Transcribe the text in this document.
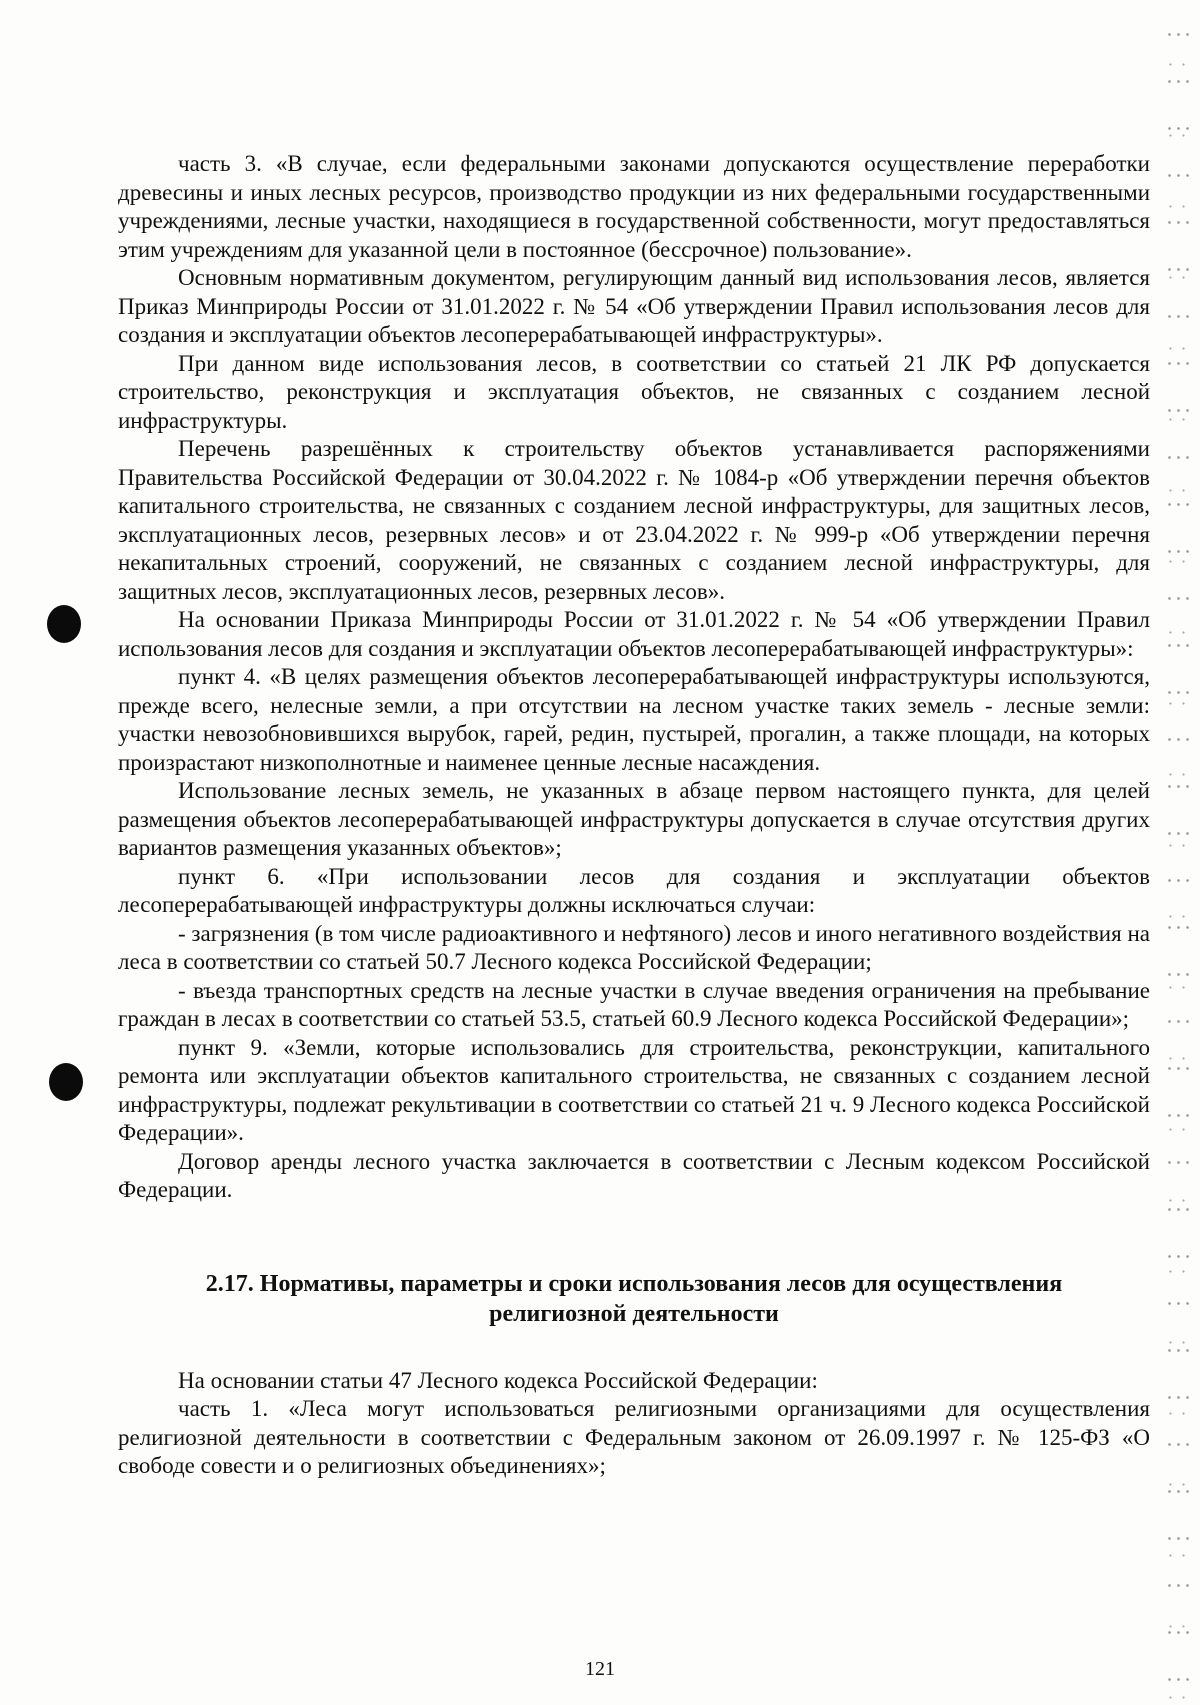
часть 3. «В случае, если федеральными законами допускаются осуществление переработки древесины и иных лесных ресурсов, производство продукции из них федеральными государственными учреждениями, лесные участки, находящиеся в государственной собственности, могут предоставляться этим учреждениям для указанной цели в постоянное (бессрочное) пользование».

Основным нормативным документом, регулирующим данный вид использования лесов, является Приказ Минприроды России от 31.01.2022 г. № 54 «Об утверждении Правил использования лесов для создания и эксплуатации объектов лесоперерабатывающей инфраструктуры».

При данном виде использования лесов, в соответствии со статьей 21 ЛК РФ допускается строительство, реконструкция и эксплуатация объектов, не связанных с созданием лесной инфраструктуры.

Перечень разрешённых к строительству объектов устанавливается распоряжениями Правительства Российской Федерации от 30.04.2022 г. № 1084-р «Об утверждении перечня объектов капитального строительства, не связанных с созданием лесной инфраструктуры, для защитных лесов, эксплуатационных лесов, резервных лесов» и от 23.04.2022 г. № 999-р «Об утверждении перечня некапитальных строений, сооружений, не связанных с созданием лесной инфраструктуры, для защитных лесов, эксплуатационных лесов, резервных лесов».

На основании Приказа Минприроды России от 31.01.2022 г. № 54 «Об утверждении Правил использования лесов для создания и эксплуатации объектов лесоперерабатывающей инфраструктуры»:

пункт 4. «В целях размещения объектов лесоперерабатывающей инфраструктуры используются, прежде всего, нелесные земли, а при отсутствии на лесном участке таких земель - лесные земли: участки невозобновившихся вырубок, гарей, редин, пустырей, прогалин, а также площади, на которых произрастают низкополнотные и наименее ценные лесные насаждения.

Использование лесных земель, не указанных в абзаце первом настоящего пункта, для целей размещения объектов лесоперерабатывающей инфраструктуры допускается в случае отсутствия других вариантов размещения указанных объектов»;

пункт 6. «При использовании лесов для создания и эксплуатации объектов лесоперерабатывающей инфраструктуры должны исключаться случаи:

- загрязнения (в том числе радиоактивного и нефтяного) лесов и иного негативного воздействия на леса в соответствии со статьей 50.7 Лесного кодекса Российской Федерации;

- въезда транспортных средств на лесные участки в случае введения ограничения на пребывание граждан в лесах в соответствии со статьей 53.5, статьей 60.9 Лесного кодекса Российской Федерации»;

пункт 9. «Земли, которые использовались для строительства, реконструкции, капитального ремонта или эксплуатации объектов капитального строительства, не связанных с созданием лесной инфраструктуры, подлежат рекультивации в соответствии со статьей 21 ч. 9 Лесного кодекса Российской Федерации».

Договор аренды лесного участка заключается в соответствии с Лесным кодексом Российской Федерации.

2.17. Нормативы, параметры и сроки использования лесов для осуществления
религиозной деятельности

На основании статьи 47 Лесного кодекса Российской Федерации:

часть 1. «Леса могут использоваться религиозными организациями для осуществления религиозной деятельности в соответствии с Федеральным законом от 26.09.1997 г. № 125-ФЗ «О свободе совести и о религиозных объединениях»;

121
